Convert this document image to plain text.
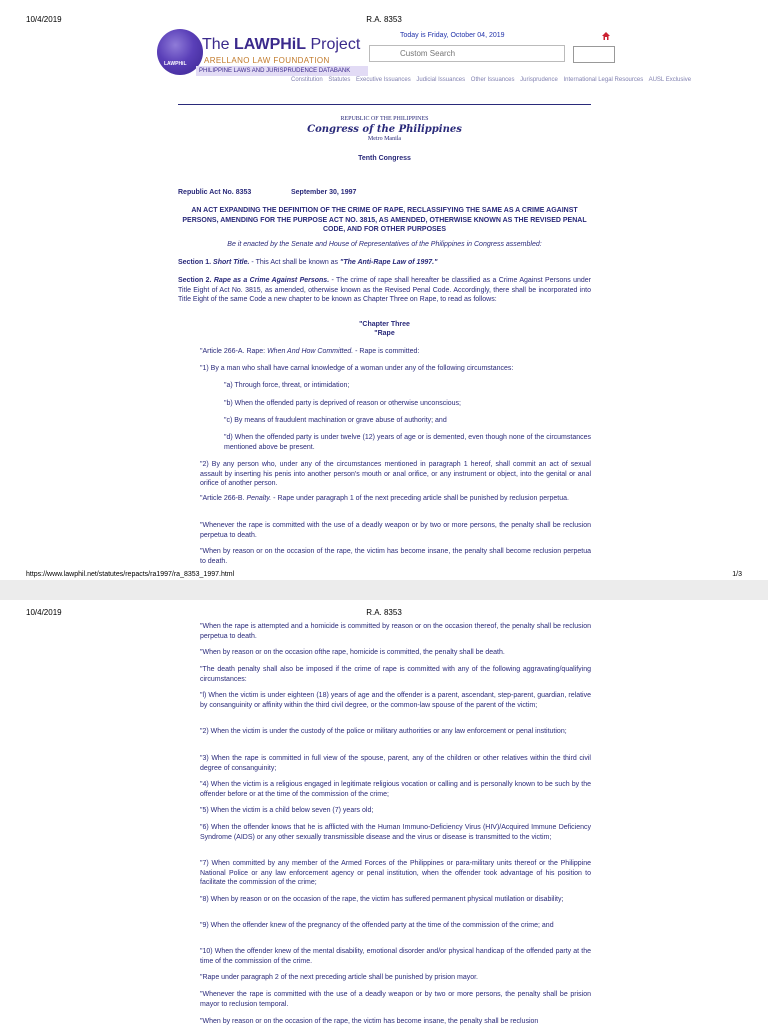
10/4/2019	R.A. 8353
LAWPHiL
The LAWPHiL Project
ARELLANO LAW FOUNDATION
PHILIPPINE LAWS AND JURISPRUDENCE DATABANK
Today is Friday, October 04, 2019
Custom Search
Constitution Statutes Executive Issuances Judicial Issuances Other Issuances Jurisprudence International Legal Resources AUSL Exclusive
REPUBLIC OF THE PHILIPPINES
Congress of the Philippines
Metro Manila
Tenth Congress
Republic Act No. 8353	September 30, 1997
AN ACT EXPANDING THE DEFINITION OF THE CRIME OF RAPE, RECLASSIFYING THE SAME AS A CRIME AGAINST PERSONS, AMENDING FOR THE PURPOSE ACT NO. 3815, AS AMENDED, OTHERWISE KNOWN AS THE REVISED PENAL CODE, AND FOR OTHER PURPOSES
Be it enacted by the Senate and House of Representatives of the Philippines in Congress assembled:
Section 1. Short Title. - This Act shall be known as "The Anti-Rape Law of 1997."
Section 2. Rape as a Crime Against Persons. - The crime of rape shall hereafter be classified as a Crime Against Persons under Title Eight of Act No. 3815, as amended, otherwise known as the Revised Penal Code. Accordingly, there shall be incorporated into Title Eight of the same Code a new chapter to be known as Chapter Three on Rape, to read as follows:
"Chapter Three
"Rape
"Article 266-A. Rape: When And How Committed. - Rape is committed:
"1) By a man who shall have carnal knowledge of a woman under any of the following circumstances:
"a) Through force, threat, or intimidation;
"b) When the offended party is deprived of reason or otherwise unconscious;
"c) By means of fraudulent machination or grave abuse of authority; and
"d) When the offended party is under twelve (12) years of age or is demented, even though none of the circumstances mentioned above be present.
"2) By any person who, under any of the circumstances mentioned in paragraph 1 hereof, shall commit an act of sexual assault by inserting his penis into another person's mouth or anal orifice, or any instrument or object, into the genital or anal orifice of another person.
"Article 266-B. Penalty. - Rape under paragraph 1 of the next preceding article shall be punished by reclusion perpetua.
"Whenever the rape is committed with the use of a deadly weapon or by two or more persons, the penalty shall be reclusion perpetua to death.
"When by reason or on the occasion of the rape, the victim has become insane, the penalty shall become reclusion perpetua to death.
https://www.lawphil.net/statutes/repacts/ra1997/ra_8353_1997.html	1/3
10/4/2019	R.A. 8353
"When the rape is attempted and a homicide is committed by reason or on the occasion thereof, the penalty shall be reclusion perpetua to death.
"When by reason or on the occasion ofthe rape, homicide is committed, the penalty shall be death.
"The death penalty shall also be imposed if the crime of rape is committed with any of the following aggravating/qualifying circumstances:
"l) When the victim is under eighteen (18) years of age and the offender is a parent, ascendant, step-parent, guardian, relative by consanguinity or affinity within the third civil degree, or the common-law spouse of the parent of the victim;
"2) When the victim is under the custody of the police or military authorities or any law enforcement or penal institution;
"3) When the rape is committed in full view of the spouse, parent, any of the children or other relatives within the third civil degree of consanguinity;
"4) When the victim is a religious engaged in legitimate religious vocation or calling and is personally known to be such by the offender before or at the time of the commission of the crime;
"5) When the victim is a child below seven (7) years old;
"6) When the offender knows that he is afflicted with the Human Immuno-Deficiency Virus (HIV)/Acquired Immune Deficiency Syndrome (AIDS) or any other sexually transmissible disease and the virus or disease is transmitted to the victim;
"7) When committed by any member of the Armed Forces of the Philippines or para-military units thereof or the Philippine National Police or any law enforcement agency or penal institution, when the offender took advantage of his position to facilitate the commission of the crime;
"8) When by reason or on the occasion of the rape, the victim has suffered permanent physical mutilation or disability;
"9) When the offender knew of the pregnancy of the offended party at the time of the commission of the crime; and
"10) When the offender knew of the mental disability, emotional disorder and/or physical handicap of the offended party at the time of the commission of the crime.
"Rape under paragraph 2 of the next preceding article shall be punished by prision mayor.
"Whenever the rape is committed with the use of a deadly weapon or by two or more persons, the penalty shall be prision mayor to reclusion temporal.
"When by reason or on the occasion of the rape, the victim has become insane, the penalty shall be reclusion
